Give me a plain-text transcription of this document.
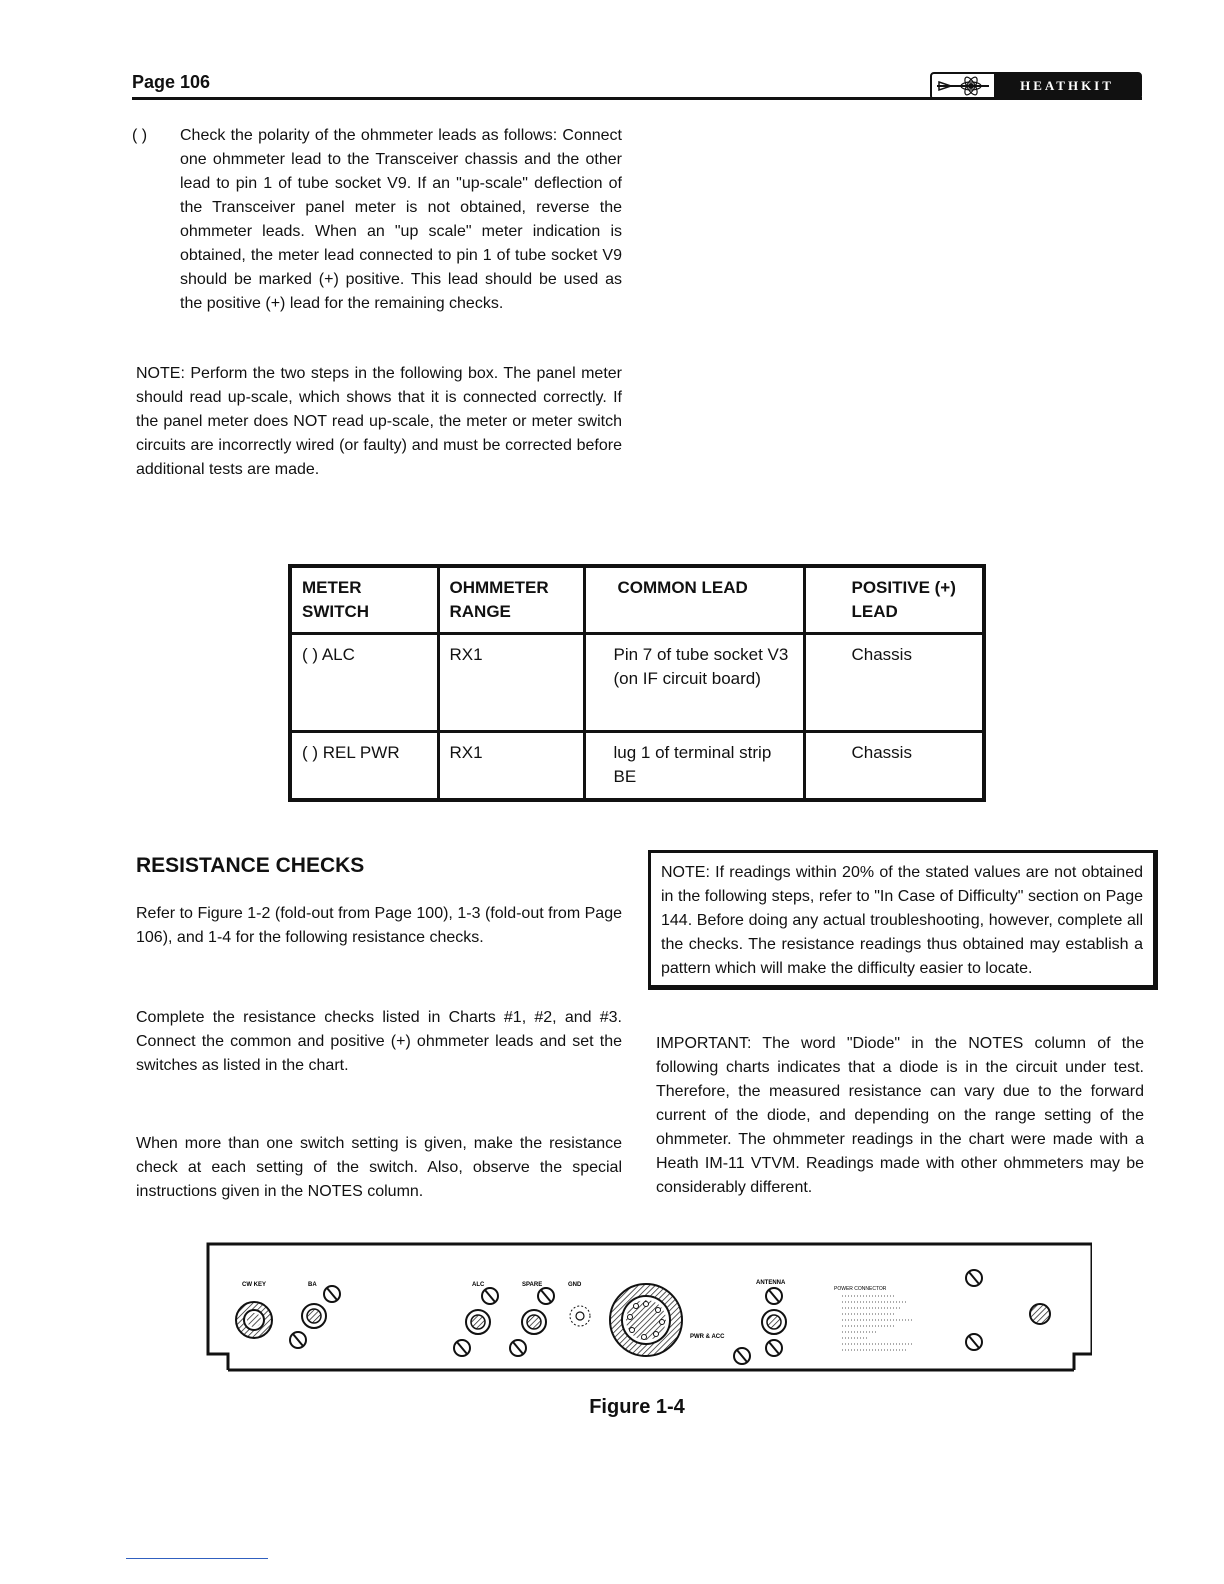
Page 106	HEATHKIT
( ) Check the polarity of the ohmmeter leads as follows: Connect one ohmmeter lead to the Transceiver chassis and the other lead to pin 1 of tube socket V9. If an "up-scale" deflection of the Transceiver panel meter is not obtained, reverse the ohmmeter leads. When an "up scale" meter indication is obtained, the meter lead connected to pin 1 of tube socket V9 should be marked (+) positive. This lead should be used as the positive (+) lead for the remaining checks.
NOTE: Perform the two steps in the following box. The panel meter should read up-scale, which shows that it is connected correctly. If the panel meter does NOT read up-scale, the meter or meter switch circuits are incorrectly wired (or faulty) and must be corrected before additional tests are made.
METER SWITCH	OHMMETER RANGE	COMMON LEAD	POSITIVE (+) LEAD
( ) ALC	RX1	Pin 7 of tube socket V3 (on IF circuit board)	Chassis
( ) REL PWR	RX1	lug 1 of terminal strip BE	Chassis
RESISTANCE CHECKS
Refer to Figure 1-2 (fold-out from Page 100), 1-3 (fold-out from Page 106), and 1-4 for the following resistance checks.
Complete the resistance checks listed in Charts #1, #2, and #3. Connect the common and positive (+) ohmmeter leads and set the switches as listed in the chart.
When more than one switch setting is given, make the resistance check at each setting of the switch. Also, observe the special instructions given in the NOTES column.
NOTE: If readings within 20% of the stated values are not obtained in the following steps, refer to "In Case of Difficulty" section on Page 144. Before doing any actual troubleshooting, however, complete all the checks. The resistance readings thus obtained may establish a pattern which will make the difficulty easier to locate.
IMPORTANT: The word "Diode" in the NOTES column of the following charts indicates that a diode is in the circuit under test. Therefore, the measured resistance can vary due to the forward current of the diode, and depending on the range setting of the ohmmeter. The ohmmeter readings in the chart were made with a Heath IM-11 VTVM. Readings made with other ohmmeters may be considerably different.
CW KEY	BA	ALC	SPARE	GND
PWR & ACC
ANTENNA
POWER CONNECTOR
Figure 1-4
